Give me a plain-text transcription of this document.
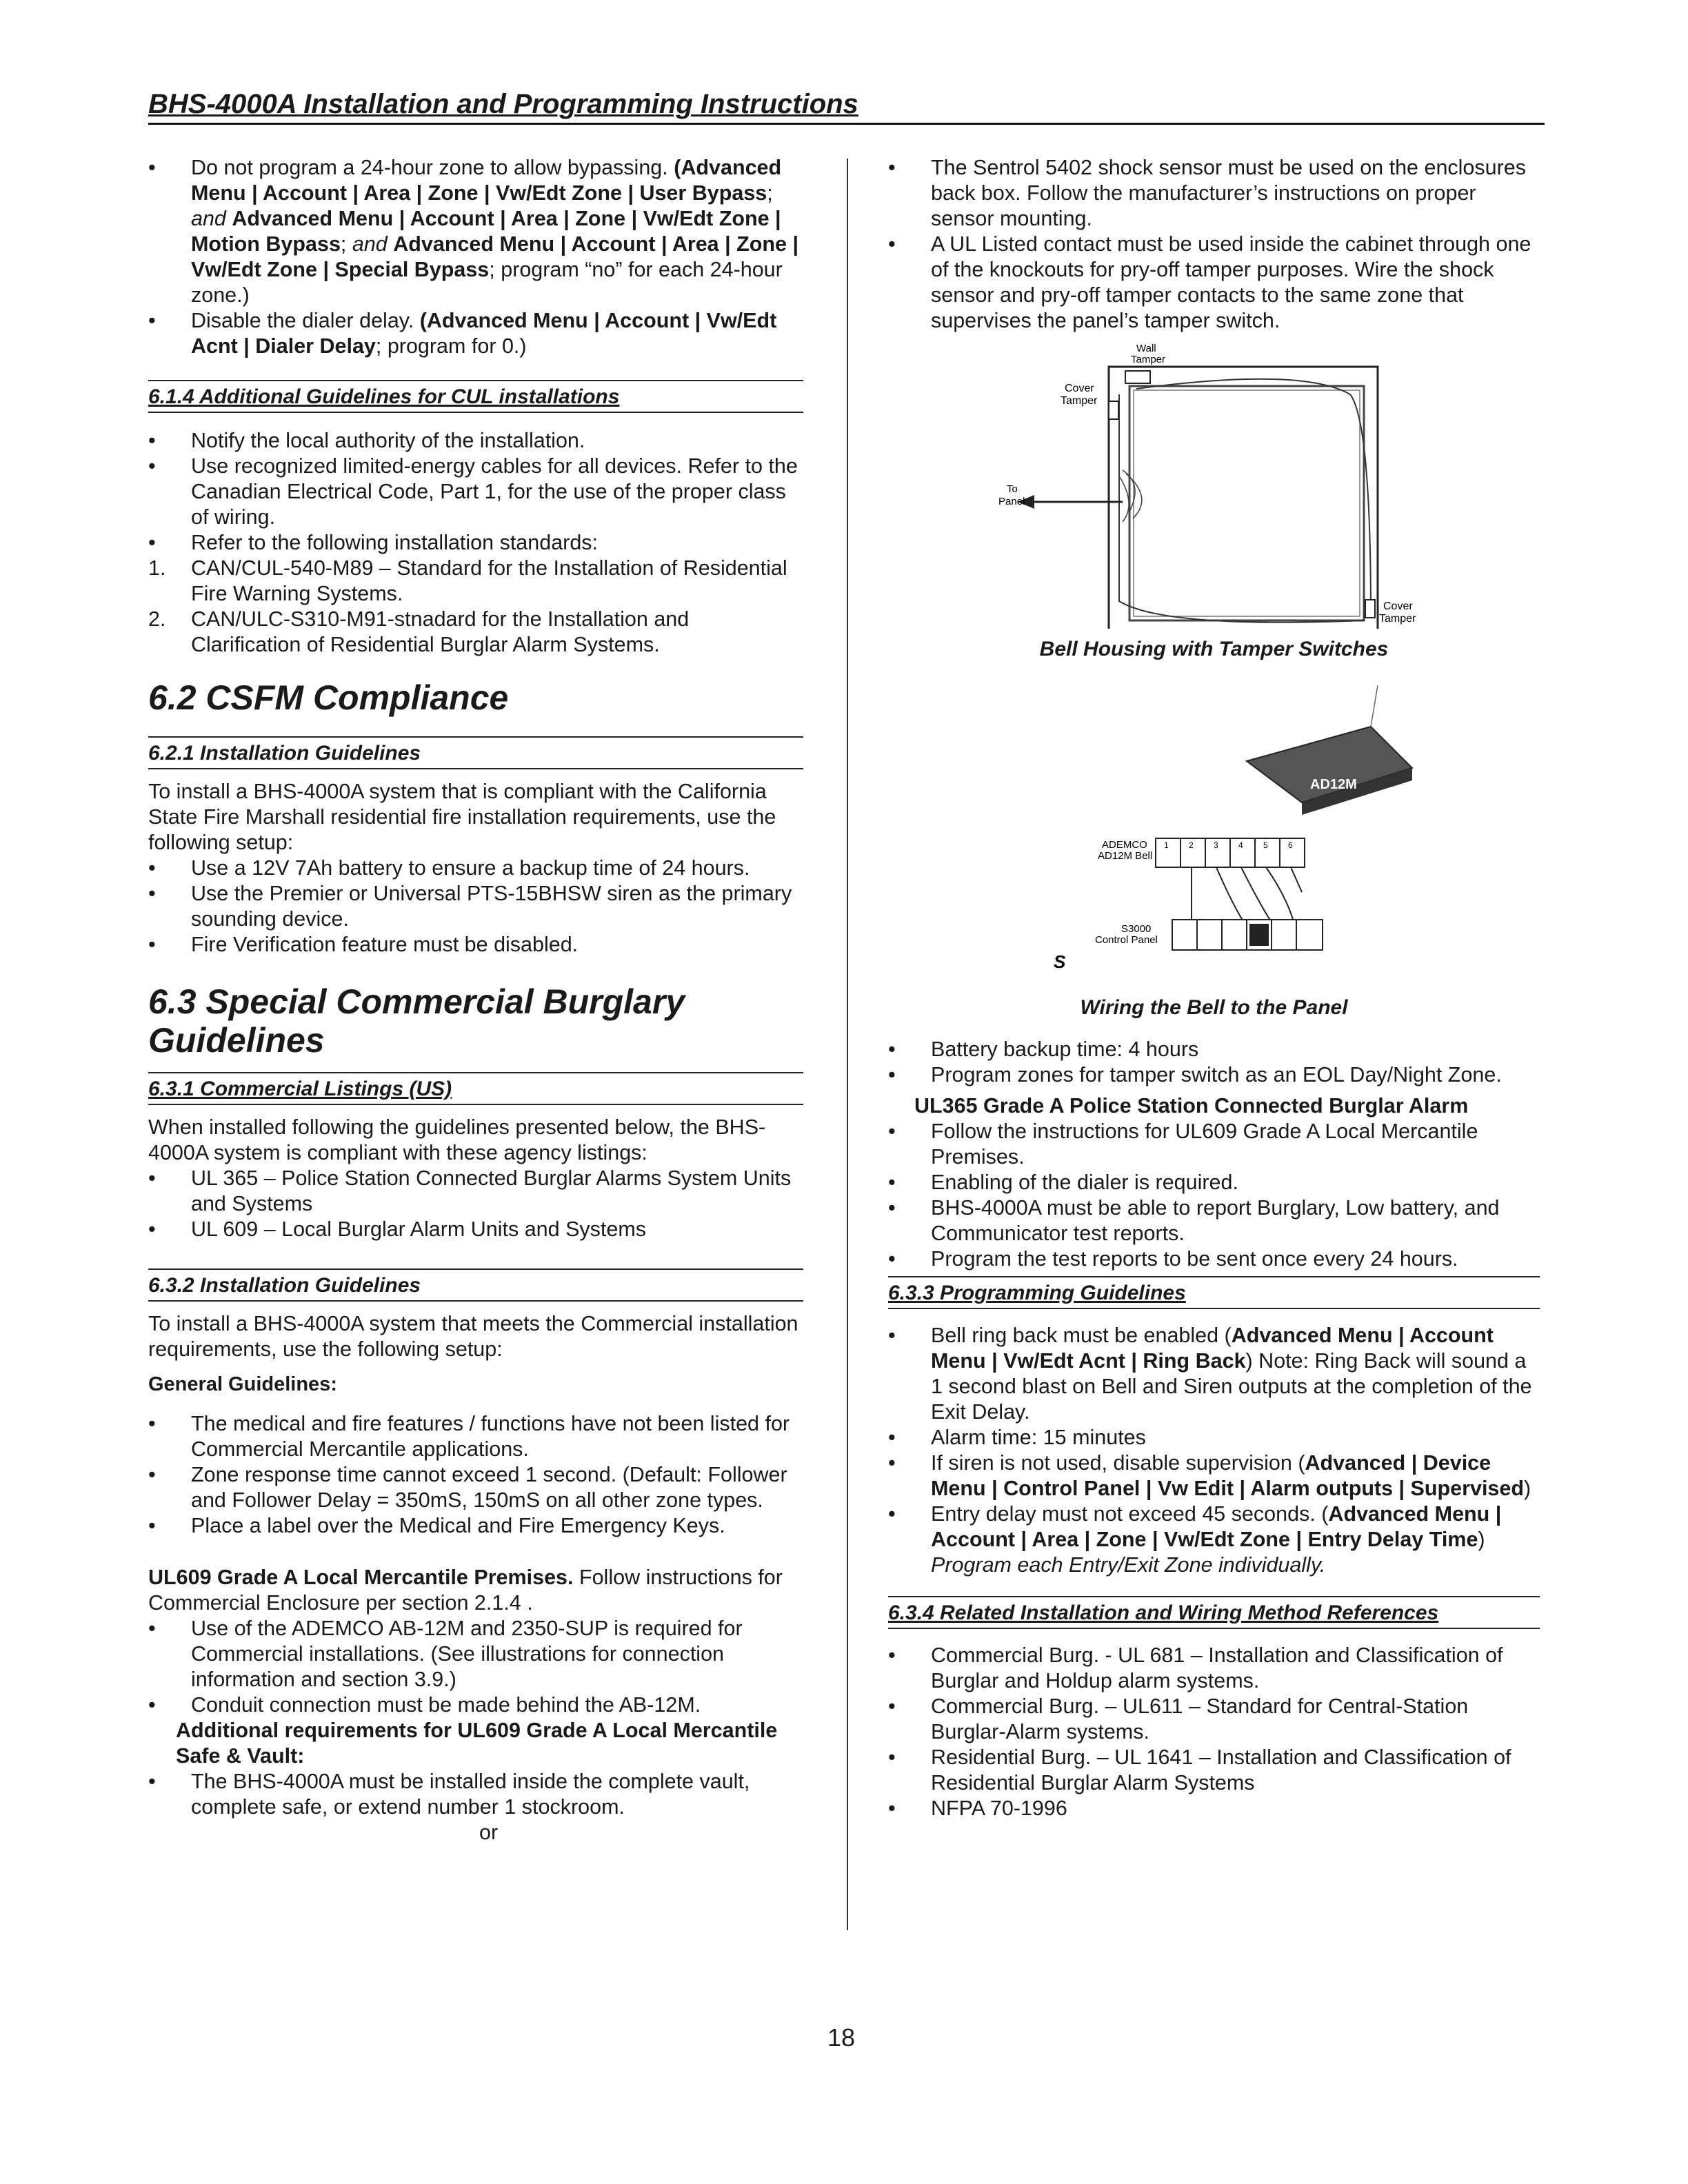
BHS-4000A Installation and Programming Instructions
• Do not program a 24-hour zone to allow bypassing. (Advanced Menu | Account | Area | Zone | Vw/Edt Zone | User Bypass; and Advanced Menu | Account | Area | Zone | Vw/Edt Zone | Motion Bypass; and Advanced Menu | Account | Area | Zone | Vw/Edt Zone | Special Bypass; program “no” for each 24-hour zone.)
• Disable the dialer delay. (Advanced Menu | Account | Vw/Edt Acnt | Dialer Delay; program for 0.)
6.1.4 Additional Guidelines for CUL installations
• Notify the local authority of the installation.
• Use recognized limited-energy cables for all devices. Refer to the Canadian Electrical Code, Part 1, for the use of the proper class of wiring.
• Refer to the following installation standards:
1. CAN/CUL-540-M89 – Standard for the Installation of Residential Fire Warning Systems.
2. CAN/ULC-S310-M91-stnadard for the Installation and Clarification of Residential Burglar Alarm Systems.
6.2 CSFM Compliance
6.2.1 Installation Guidelines

To install a BHS-4000A system that is compliant with the California State Fire Marshall residential fire installation requirements, use the following setup:

• Use a 12V 7Ah battery to ensure a backup time of 24 hours.
• Use the Premier or Universal PTS-15BHSW siren as the primary sounding device.
• Fire Verification feature must be disabled.
6.3 Special Commercial Burglary Guidelines
6.3.1 Commercial Listings (US)

When installed following the guidelines presented below, the BHS-4000A system is compliant with these agency listings:

• UL 365 – Police Station Connected Burglar Alarms System Units and Systems
• UL 609 – Local Burglar Alarm Units and Systems
6.3.2 Installation Guidelines

To install a BHS-4000A system that meets the Commercial installation requirements, use the following setup:

General Guidelines:

• The medical and fire features / functions have not been listed for Commercial Mercantile applications.
• Zone response time cannot exceed 1 second. (Default: Follower and Follower Delay = 350mS, 150mS on all other zone types.
• Place a label over the Medical and Fire Emergency Keys.

UL609 Grade A Local Mercantile Premises. Follow instructions for Commercial Enclosure per section 2.1.4 .

• Use of the ADEMCO AB-12M and 2350-SUP is required for Commercial installations. (See illustrations for connection information and section 3.9.)
• Conduit connection must be made behind the AB-12M.

Additional requirements for UL609 Grade A Local Mercantile Safe & Vault:

• The BHS-4000A must be installed inside the complete vault, complete safe, or extend number 1 stockroom.

or

• The Sentrol 5402 shock sensor must be used on the enclosures back box. Follow the manufacturer’s instructions on proper sensor mounting.
• A UL Listed contact must be used inside the cabinet through one of the knockouts for pry-off tamper purposes. Wire the shock sensor and pry-off tamper contacts to the same zone that supervises the panel’s tamper switch.
Wall
Tamper
Cover
Tamper
To
Panel
Cover
Tamper
Bell Housing with Tamper Switches
AD12M
ADEMCO
AD12M Bell
1 2 3 4 5 6
S3000
Control Panel
S
Wiring the Bell to the Panel
• Battery backup time: 4 hours
• Program zones for tamper switch as an EOL Day/Night Zone.

UL365 Grade A Police Station Connected Burglar Alarm

• Follow the instructions for UL609 Grade A Local Mercantile Premises.
• Enabling of the dialer is required.
• BHS-4000A must be able to report Burglary, Low battery, and Communicator test reports.
• Program the test reports to be sent once every 24 hours.
6.3.3 Programming Guidelines
• Bell ring back must be enabled (Advanced Menu | Account Menu | Vw/Edt Acnt | Ring Back) Note: Ring Back will sound a 1 second blast on Bell and Siren outputs at the completion of the Exit Delay.
• Alarm time: 15 minutes
• If siren is not used, disable supervision (Advanced | Device Menu | Control Panel | Vw Edit | Alarm outputs | Supervised)
• Entry delay must not exceed 45 seconds. (Advanced Menu | Account | Area | Zone | Vw/Edt Zone | Entry Delay Time) Program each Entry/Exit Zone individually.
6.3.4 Related Installation and Wiring Method References
• Commercial Burg. - UL 681 – Installation and Classification of Burglar and Holdup alarm systems.
• Commercial Burg. – UL611 – Standard for Central-Station Burglar-Alarm systems.
• Residential Burg. – UL 1641 – Installation and Classification of Residential Burglar Alarm Systems
• NFPA 70-1996
18
